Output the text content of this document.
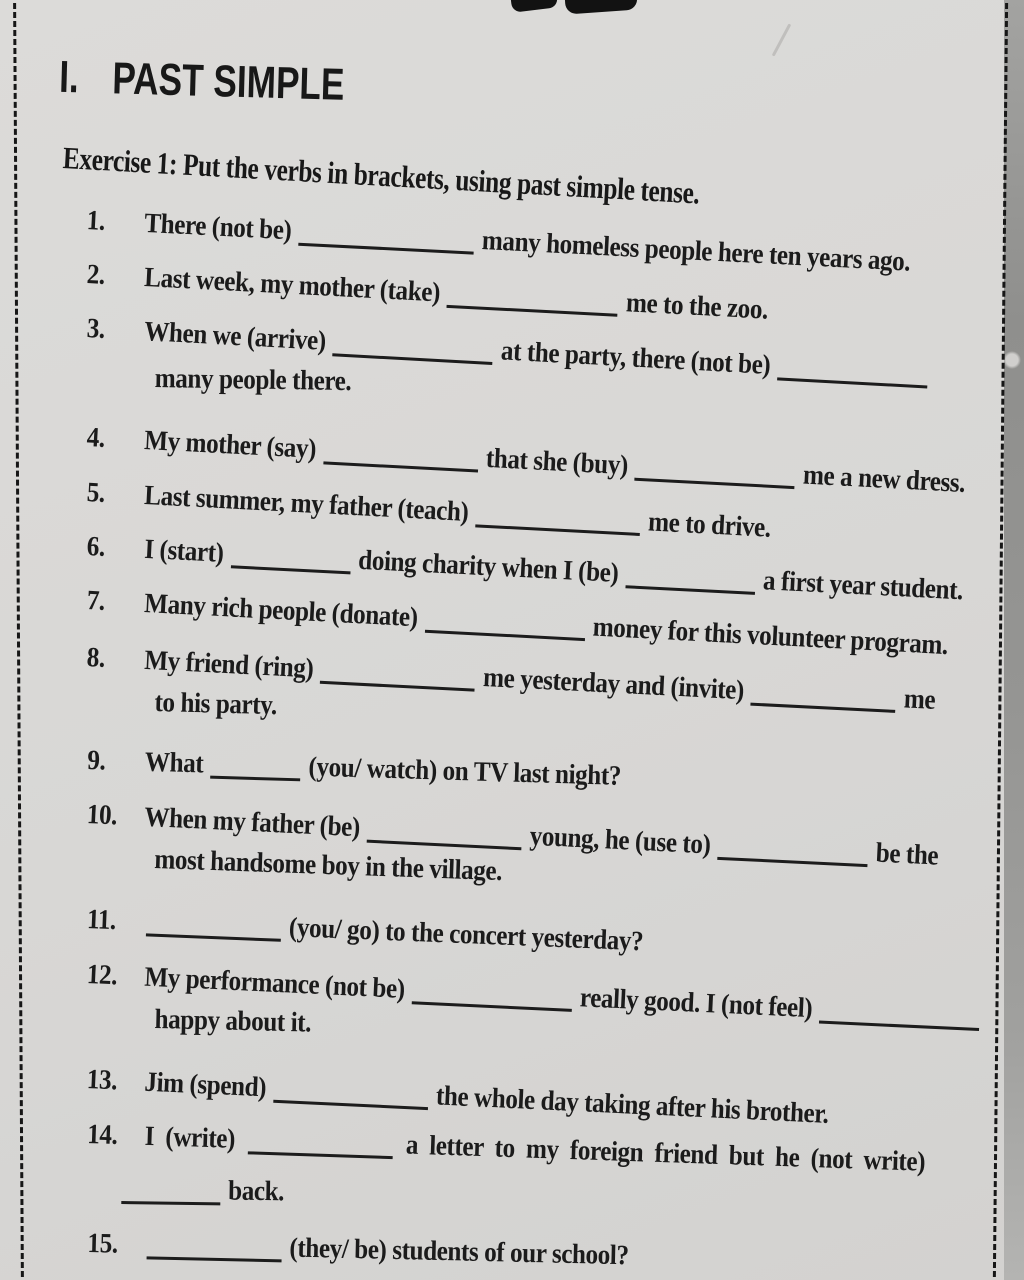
I. PAST SIMPLE
Exercise 1: Put the verbs in brackets, using past simple tense.
1. There (not be)	many homeless people here ten years ago.
2. Last week, my mother (take)	me to the zoo.
3. When we (arrive)	at the party, there (not be)
many people there.
4. My mother (say)	that she (buy)	me a new dress.
5. Last summer, my father (teach)	me to drive.
6. I (start)	doing charity when I (be)	a first year student.
7. Many rich people (donate)  money for this volunteer program.
8. My friend (ring)	me yesterday and (invite)	me
to his party.
9. What	(you/ watch) on TV last night?
10. When my father (be)	young, he (use to)	be the
most handsome boy in the village.
11.	(you/ go) to the concert yesterday?
12. My performance (not be)	really good. I (not feel)
happy about it.
13. Jim (spend)	the whole day taking after his brother.
14. I (write)	a letter to my foreign friend but he (not write)
back.
15.	(they/ be) students of our school?
